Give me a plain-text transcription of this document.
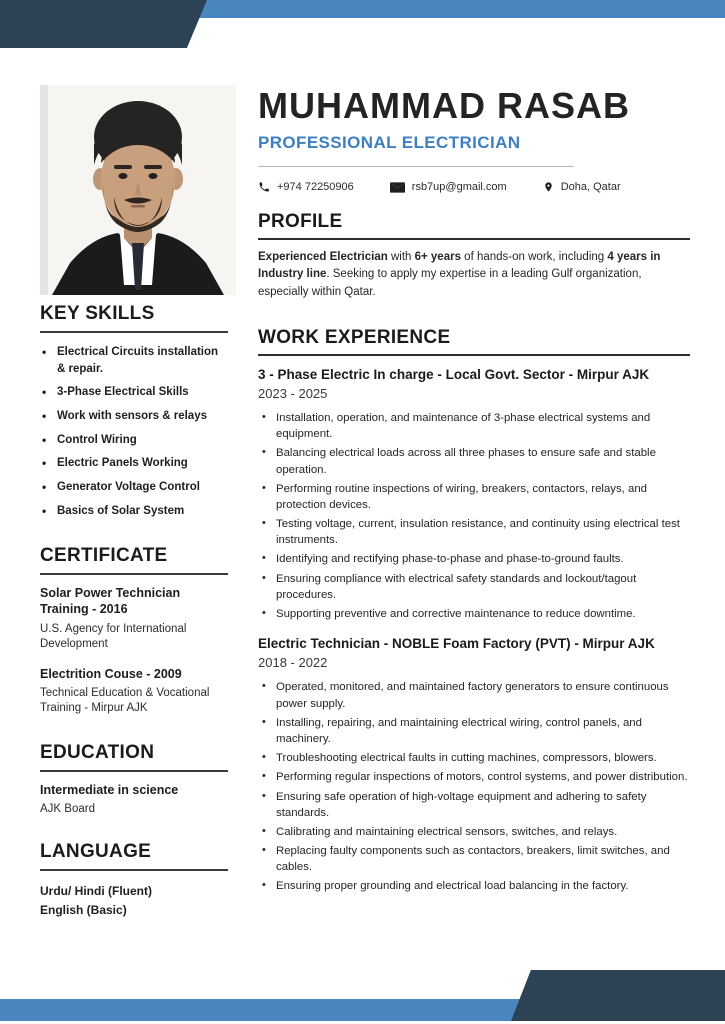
KEY SKILLS
• Electrical Circuits installation & repair.
• 3-Phase Electrical Skills
• Work with sensors & relays
• Control Wiring
• Electric Panels Working
• Generator Voltage Control
• Basics of Solar System
CERTIFICATE
Solar Power Technician Training - 2016
U.S. Agency for International Development
Electrition Couse - 2009
Technical Education & Vocational Training - Mirpur AJK
EDUCATION
Intermediate in science
AJK Board
LANGUAGE
Urdu/ Hindi (Fluent)
English (Basic)
MUHAMMAD RASAB
PROFESSIONAL ELECTRICIAN
+974 72250906	rsb7up@gmail.com	Doha, Qatar
PROFILE

Experienced Electrician with 6+ years of hands-on work, including 4 years in Industry line. Seeking to apply my expertise in a leading Gulf organization, especially within Qatar.

WORK EXPERIENCE
3 - Phase Electric In charge - Local Govt. Sector - Mirpur AJK
2023 - 2025
• Installation, operation, and maintenance of 3-phase electrical systems and equipment.
• Balancing electrical loads across all three phases to ensure safe and stable operation.
• Performing routine inspections of wiring, breakers, contactors, relays, and protection devices.
• Testing voltage, current, insulation resistance, and continuity using electrical test instruments.
• Identifying and rectifying phase-to-phase and phase-to-ground faults.
• Ensuring compliance with electrical safety standards and lockout/tagout procedures.
• Supporting preventive and corrective maintenance to reduce downtime.
Electric Technician - NOBLE Foam Factory (PVT) - Mirpur AJK
2018 - 2022
• Operated, monitored, and maintained factory generators to ensure continuous power supply.
• Installing, repairing, and maintaining electrical wiring, control panels, and machinery.
• Troubleshooting electrical faults in cutting machines, compressors, blowers.
• Performing regular inspections of motors, control systems, and power distribution.
• Ensuring safe operation of high-voltage equipment and adhering to safety standards.
• Calibrating and maintaining electrical sensors, switches, and relays.
• Replacing faulty components such as contactors, breakers, limit switches, and cables.
• Ensuring proper grounding and electrical load balancing in the factory.
